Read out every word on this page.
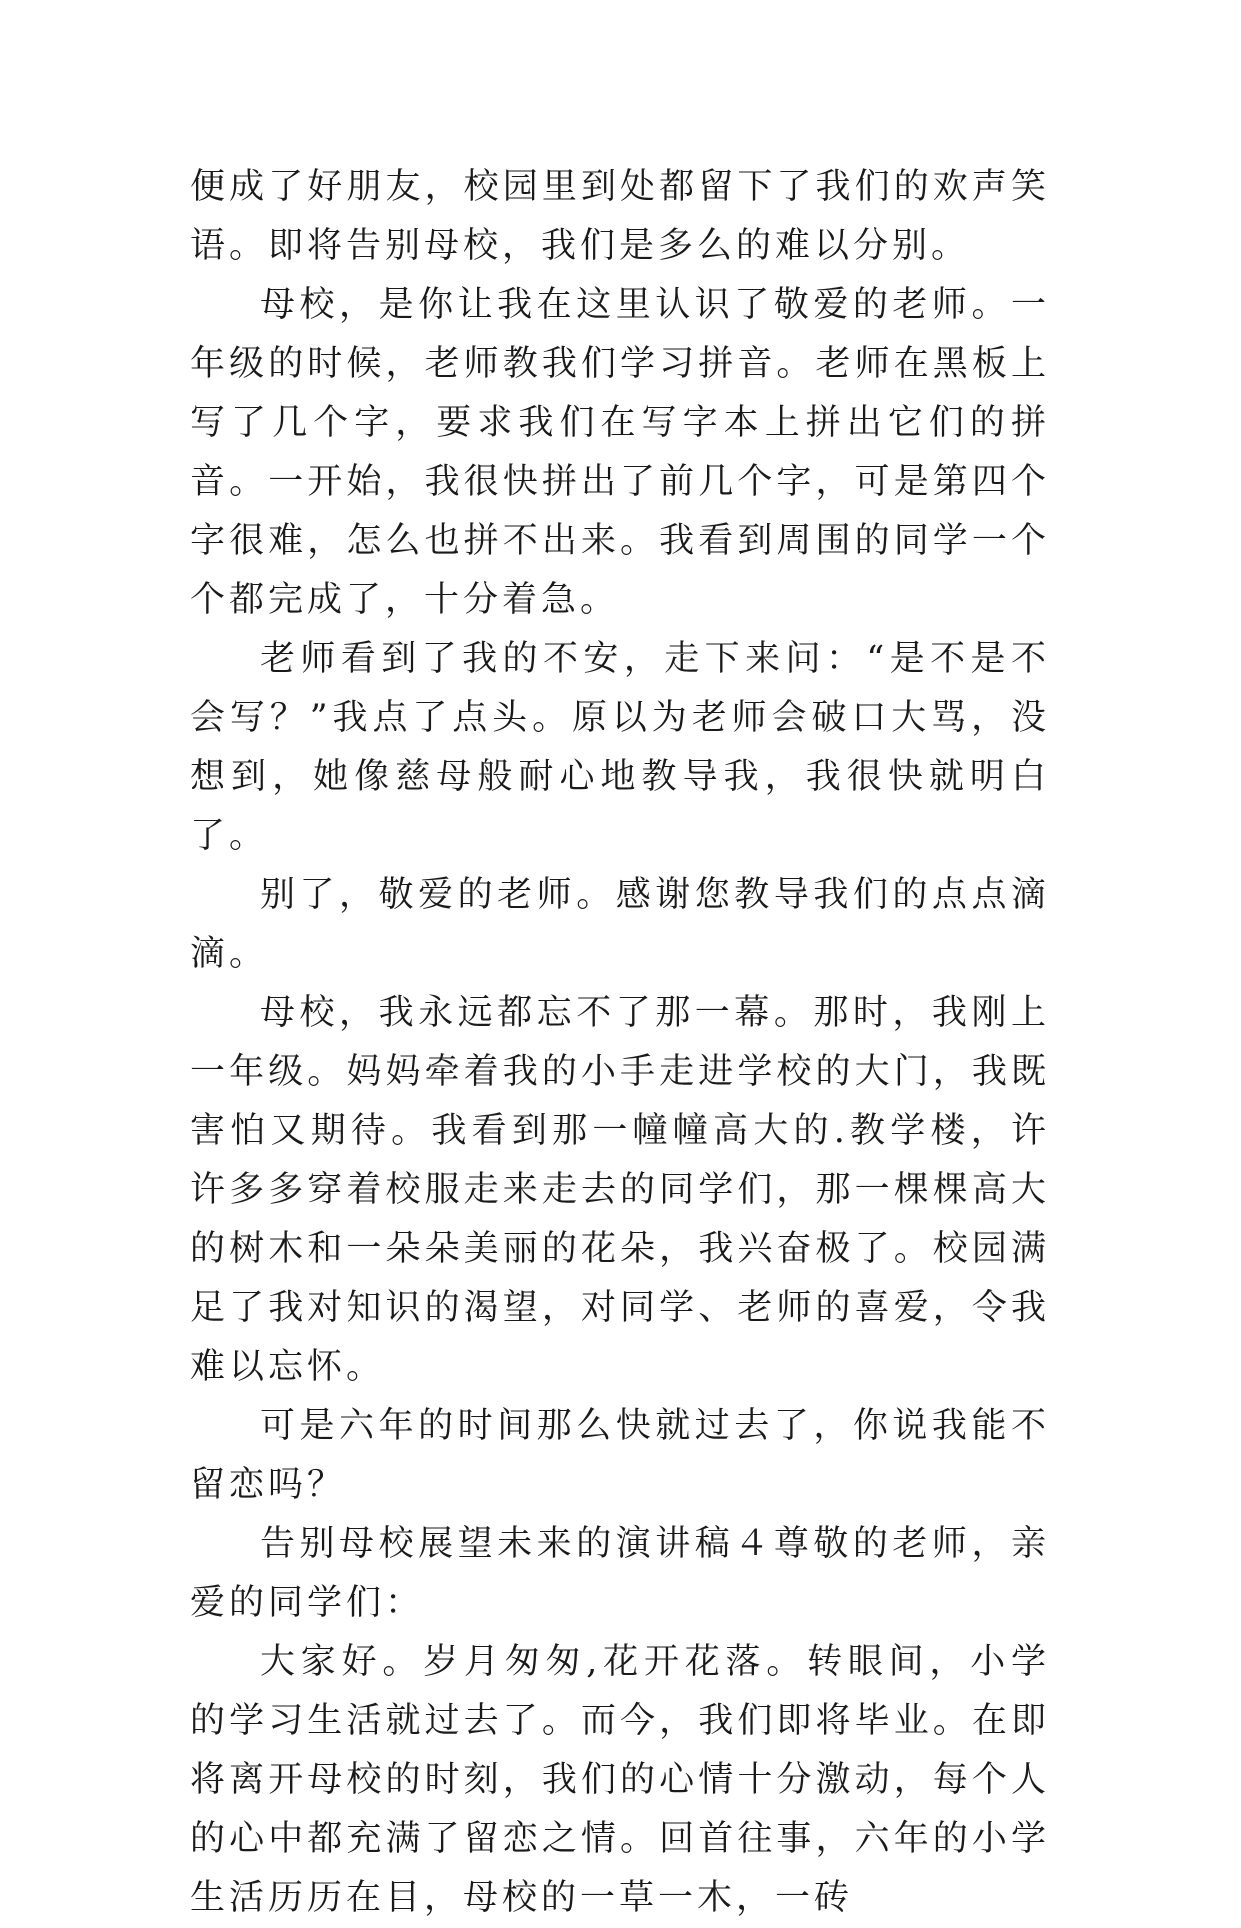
便成了好朋友，校园里到处都留下了我们的欢声笑语。即将告别母校，我们是多么的难以分别。

母校，是你让我在这里认识了敬爱的老师。一年级的时候，老师教我们学习拼音。老师在黑板上写了几个字，要求我们在写字本上拼出它们的拼音。一开始，我很快拼出了前几个字，可是第四个字很难，怎么也拼不出来。我看到周围的同学一个个都完成了，十分着急。

老师看到了我的不安，走下来问：“是不是不会写？”我点了点头。原以为老师会破口大骂，没想到，她像慈母般耐心地教导我，我很快就明白了。

别了，敬爱的老师。感谢您教导我们的点点滴滴。

母校，我永远都忘不了那一幕。那时，我刚上一年级。妈妈牵着我的小手走进学校的大门，我既害怕又期待。我看到那一幢幢高大的.教学楼，许许多多穿着校服走来走去的同学们，那一棵棵高大的树木和一朵朵美丽的花朵，我兴奋极了。校园满足了我对知识的渴望，对同学、老师的喜爱，令我难以忘怀。

可是六年的时间那么快就过去了，你说我能不留恋吗？

告别母校展望未来的演讲稿４尊敬的老师，亲爱的同学们：

大家好。岁月匆匆,花开花落。转眼间，小学的学习生活就过去了。而今，我们即将毕业。在即将离开母校的时刻，我们的心情十分激动，每个人的心中都充满了留恋之情。回首往事，六年的小学生活历历在目，母校的一草一木，一砖
